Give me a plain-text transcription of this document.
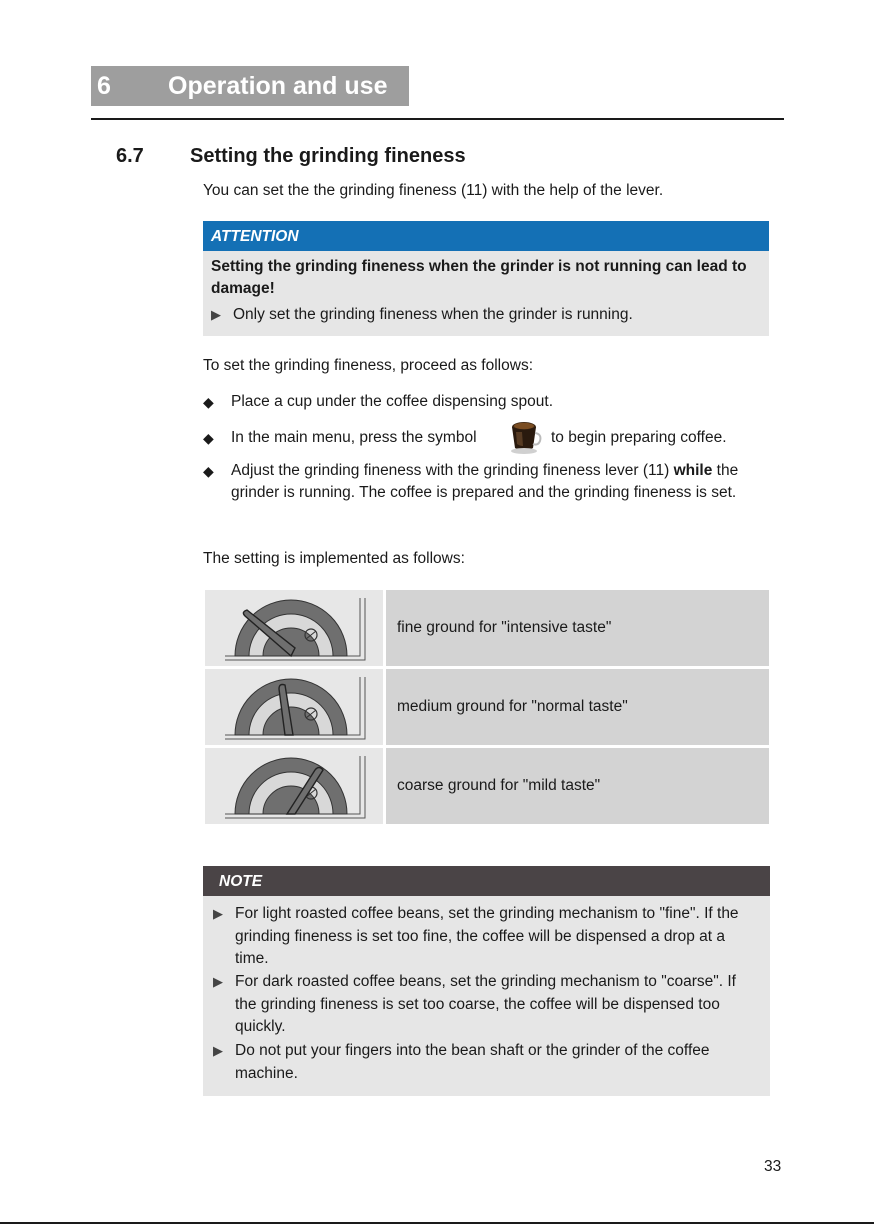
6 Operation and use
6.7 Setting the grinding fineness
You can set the the grinding fineness (11) with the help of the lever.
ATTENTION
Setting the grinding fineness when the grinder is not running can lead to damage!
▶ Only set the grinding fineness when the grinder is running.
To set the grinding fineness, proceed as follows:
◆	Place a cup under the coffee dispensing spout.
◆	In the main menu, press the symbol	to begin preparing coffee.
◆	Adjust the grinding fineness with the grinding fineness lever (11) while the grinder is running. The coffee is prepared and the grinding fineness is set.
The setting is implemented as follows:
fine ground for "intensive taste"
medium ground for "normal taste"
coarse ground for "mild taste"
NOTE
▶ For light roasted coffee beans, set the grinding mechanism to "fine". If the grinding fineness is set too fine, the coffee will be dispensed a drop at a time.
▶ For dark roasted coffee beans, set the grinding mechanism to "coarse". If the grinding fineness is set too coarse, the coffee will be dispensed too quickly.
▶ Do not put your fingers into the bean shaft or the grinder of the coffee machine.
33
